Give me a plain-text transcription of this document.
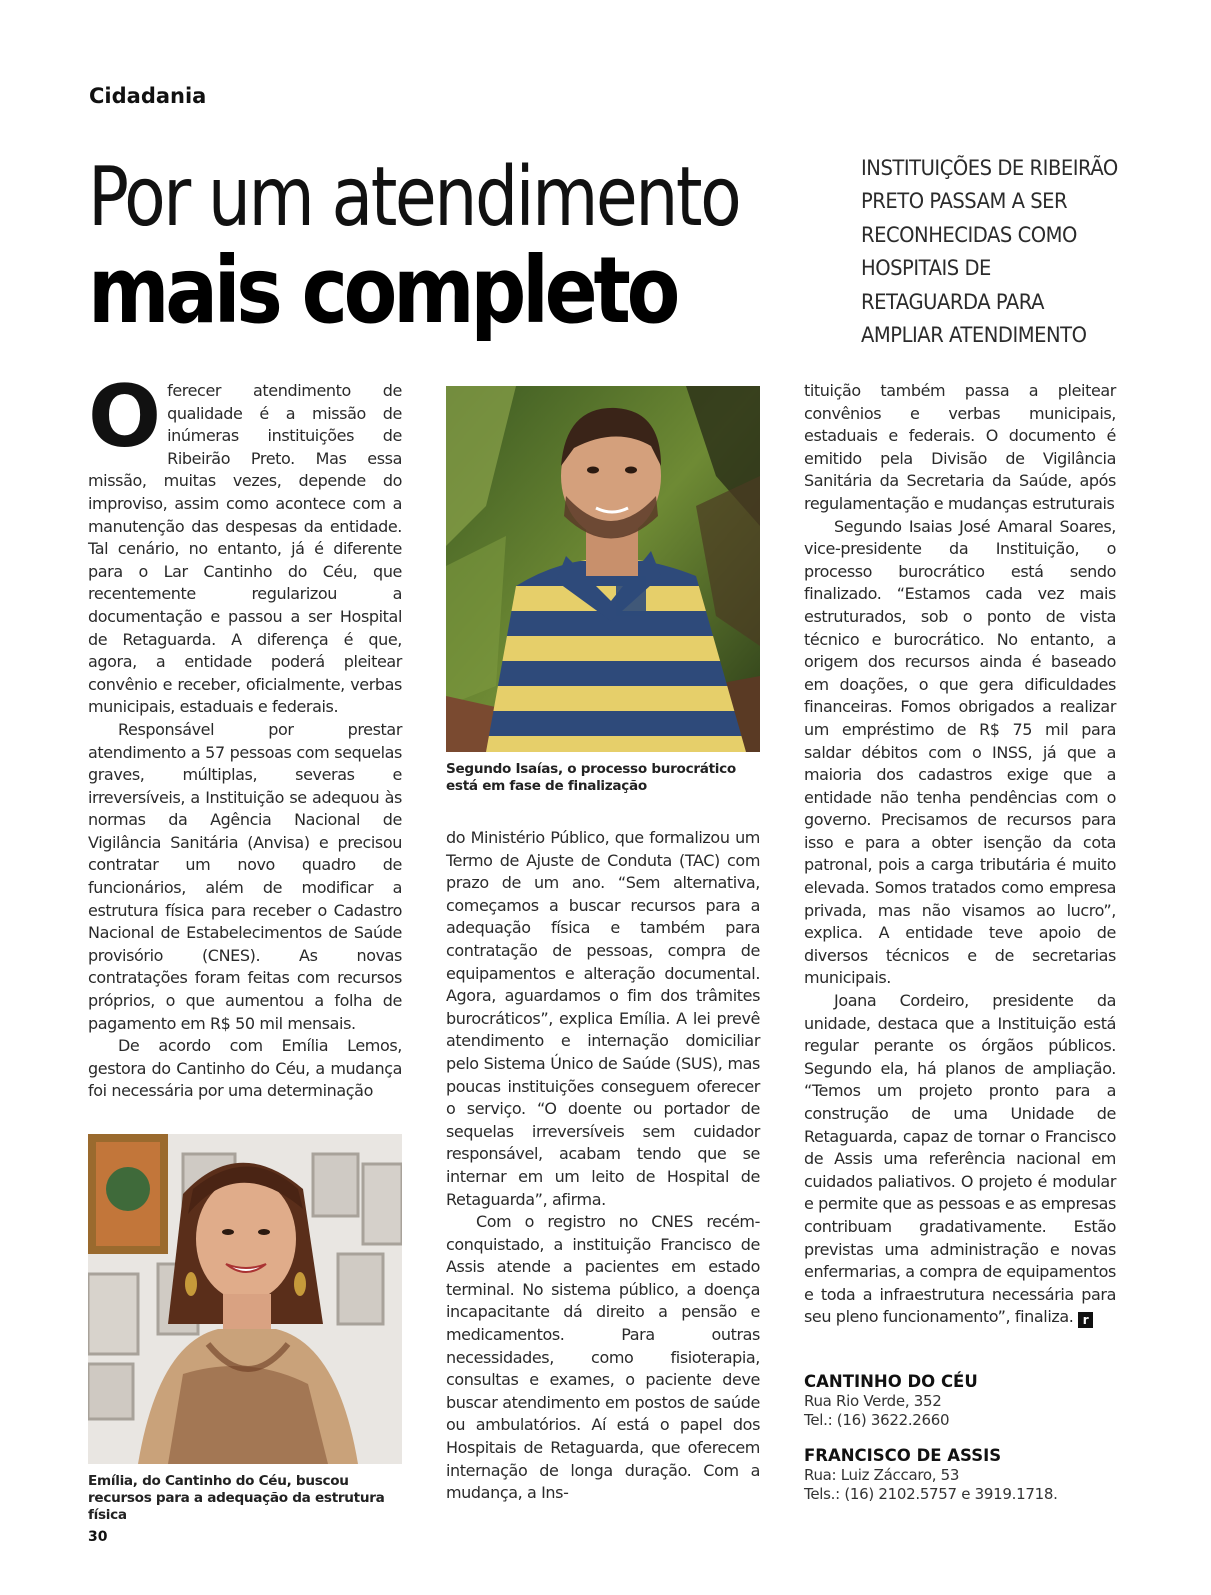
Cidadania
Por um atendimento
mais completo
INSTITUIÇÕES DE RIBEIRÃO PRETO PASSAM A SER RECONHECIDAS COMO HOSPITAIS DE RETAGUARDA PARA AMPLIAR ATENDIMENTO

Oferecer atendimento de qualidade é a missão de inúmeras instituições de Ribeirão Preto. Mas essa missão, muitas vezes, depende do improviso, assim como acontece com a manutenção das despesas da entidade. Tal cenário, no entanto, já é diferente para o Lar Cantinho do Céu, que recentemente regularizou a documentação e passou a ser Hospital de Retaguarda. A diferença é que, agora, a entidade poderá pleitear convênio e receber, oficialmente, verbas municipais, estaduais e federais.

Responsável por prestar atendimento a 57 pessoas com sequelas graves, múltiplas, severas e irreversíveis, a Instituição se adequou às normas da Agência Nacional de Vigilância Sanitária (Anvisa) e precisou contratar um novo quadro de funcionários, além de modificar a estrutura física para receber o Cadastro Nacional de Estabelecimentos de Saúde provisório (CNES). As novas contratações foram feitas com recursos próprios, o que aumentou a folha de pagamento em R$ 50 mil mensais.

De acordo com Emília Lemos, gestora do Cantinho do Céu, a mudança foi necessária por uma determinação

Segundo Isaías, o processo burocrático está em fase de finalização
Emília, do Cantinho do Céu, buscou recursos para a adequação da estrutura física

do Ministério Público, que formalizou um Termo de Ajuste de Conduta (TAC) com prazo de um ano. “Sem alternativa, começamos a buscar recursos para a adequação física e também para contratação de pessoas, compra de equipamentos e alteração documental. Agora, aguardamos o fim dos trâmites burocráticos”, explica Emília. A lei prevê atendimento e internação domiciliar pelo Sistema Único de Saúde (SUS), mas poucas instituições conseguem oferecer o serviço. “O doente ou portador de sequelas irreversíveis sem cuidador responsável, acabam tendo que se internar em um leito de Hospital de Retaguarda”, afirma.

Com o registro no CNES recém-conquistado, a instituição Francisco de Assis atende a pacientes em estado terminal. No sistema público, a doença incapacitante dá direito a pensão e medicamentos. Para outras necessidades, como fisioterapia, consultas e exames, o paciente deve buscar atendimento em postos de saúde ou ambulatórios. Aí está o papel dos Hospitais de Retaguarda, que oferecem internação de longa duração. Com a mudança, a Ins-

tituição também passa a pleitear convênios e verbas municipais, estaduais e federais. O documento é emitido pela Divisão de Vigilância Sanitária da Secretaria da Saúde, após regulamentação e mudanças estruturais

Segundo Isaias José Amaral Soares, vice-presidente da Instituição, o processo burocrático está sendo finalizado. “Estamos cada vez mais estruturados, sob o ponto de vista técnico e burocrático. No entanto, a origem dos recursos ainda é baseado em doações, o que gera dificuldades financeiras. Fomos obrigados a realizar um empréstimo de R$ 75 mil para saldar débitos com o INSS, já que a maioria dos cadastros exige que a entidade não tenha pendências com o governo. Precisamos de recursos para isso e para a obter isenção da cota patronal, pois a carga tributária é muito elevada. Somos tratados como empresa privada, mas não visamos ao lucro”, explica. A entidade teve apoio de diversos técnicos e de secretarias municipais.

Joana Cordeiro, presidente da unidade, destaca que a Instituição está regular perante os órgãos públicos. Segundo ela, há planos de ampliação. “Temos um projeto pronto para a construção de uma Unidade de Retaguarda, capaz de tornar o Francisco de Assis uma referência nacional em cuidados paliativos. O projeto é modular e permite que as pessoas e as empresas contribuam gradativamente. Estão previstas uma administração e novas enfermarias, a compra de equipamentos e toda a infraestrutura necessária para seu pleno funcionamento”, finaliza. r

CANTINHO DO CÉU
Rua Rio Verde, 352
Tel.: (16) 3622.2660
FRANCISCO DE ASSIS
Rua: Luiz Záccaro, 53
Tels.: (16) 2102.5757 e 3919.1718.
30
